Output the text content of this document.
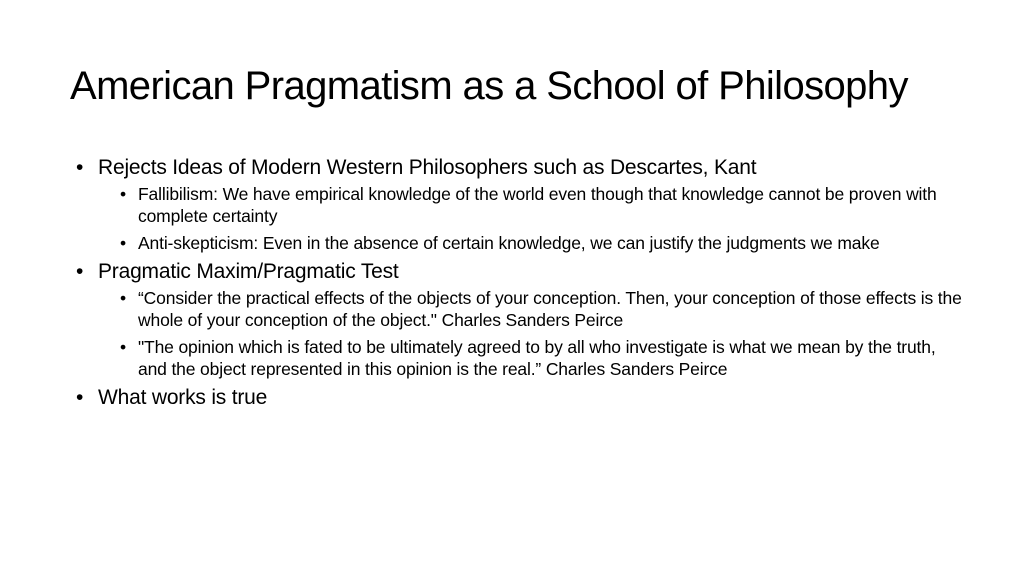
American Pragmatism as a School of Philosophy
• Rejects Ideas of Modern Western Philosophers such as Descartes, Kant
• Fallibilism: We have empirical knowledge of the world even though that knowledge cannot be proven with complete certainty
• Anti-skepticism: Even in the absence of certain knowledge, we can justify the judgments we make
• Pragmatic Maxim/Pragmatic Test
• “Consider the practical effects of the objects of your conception. Then, your conception of those effects is the whole of your conception of the object." Charles Sanders Peirce
• "The opinion which is fated to be ultimately agreed to by all who investigate is what we mean by the truth, and the object represented in this opinion is the real.” Charles Sanders Peirce
• What works is true
